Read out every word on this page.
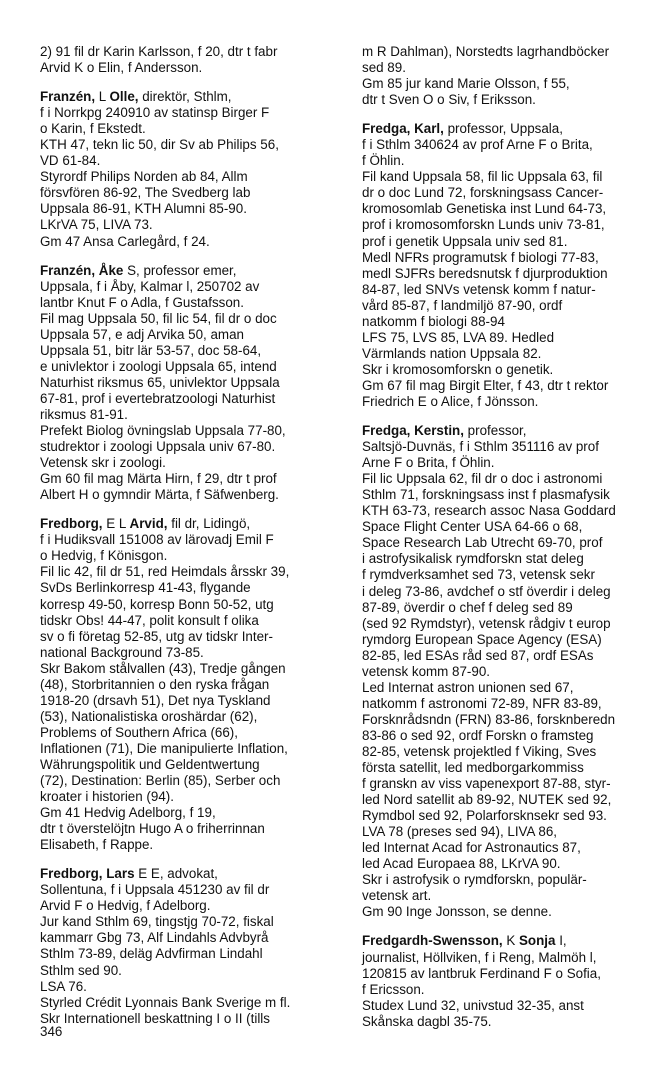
2) 91 fil dr Karin Karlsson, f 20, dtr t fabr
Arvid K o Elin, f Andersson.

Franzén, L Olle, direktör, Sthlm,
f i Norrkpg 240910 av statinsp Birger F
o Karin, f Ekstedt.
KTH 47, tekn lic 50, dir Sv ab Philips 56,
VD 61-84.
Styrordf Philips Norden ab 84, Allm
försvfören 86-92, The Svedberg lab
Uppsala 86-91, KTH Alumni 85-90.
LKrVA 75, LIVA 73.
Gm 47 Ansa Carlegård, f 24.

Franzén, Åke S, professor emer,
Uppsala, f i Åby, Kalmar l, 250702 av
lantbr Knut F o Adla, f Gustafsson.
Fil mag Uppsala 50, fil lic 54, fil dr o doc
Uppsala 57, e adj Arvika 50, aman
Uppsala 51, bitr lär 53-57, doc 58-64,
e univlektor i zoologi Uppsala 65, intend
Naturhist riksmus 65, univlektor Uppsala
67-81, prof i evertebratzoologi Naturhist
riksmus 81-91.
Prefekt Biolog övningslab Uppsala 77-80,
studrektor i zoologi Uppsala univ 67-80.
Vetensk skr i zoologi.
Gm 60 fil mag Märta Hirn, f 29, dtr t prof
Albert H o gymndir Märta, f Säfwenberg.

Fredborg, E L Arvid, fil dr, Lidingö,
f i Hudiksvall 151008 av lärovadj Emil F
o Hedvig, f Könisgon.
Fil lic 42, fil dr 51, red Heimdals årsskr 39,
SvDs Berlinkorresp 41-43, flygande
korresp 49-50, korresp Bonn 50-52, utg
tidskr Obs! 44-47, polit konsult f olika
sv o fi företag 52-85, utg av tidskr Inter-
national Background 73-85.
Skr Bakom stålvallen (43), Tredje gången
(48), Storbritannien o den ryska frågan
1918-20 (drsavh 51), Det nya Tyskland
(53), Nationalistiska oroshärdar (62),
Problems of Southern Africa (66),
Inflationen (71), Die manipulierte Inflation,
Währungspolitik und Geldentwertung
(72), Destination: Berlin (85), Serber och
kroater i historien (94).
Gm 41 Hedvig Adelborg, f 19,
dtr t överstelöjtn Hugo A o friherrinnan
Elisabeth, f Rappe.

Fredborg, Lars E E, advokat,
Sollentuna, f i Uppsala 451230 av fil dr
Arvid F o Hedvig, f Adelborg.
Jur kand Sthlm 69, tingstjg 70-72, fiskal
kammarr Gbg 73, Alf Lindahls Advbyrå
Sthlm 73-89, deläg Advfirman Lindahl
Sthlm sed 90.
LSA 76.
Styrled Crédit Lyonnais Bank Sverige m fl.
Skr Internationell beskattning I o II (tills

m R Dahlman), Norstedts lagrhandböcker
sed 89.
Gm 85 jur kand Marie Olsson, f 55,
dtr t Sven O o Siv, f Eriksson.

Fredga, Karl, professor, Uppsala,
f i Sthlm 340624 av prof Arne F o Brita,
f Öhlin.
Fil kand Uppsala 58, fil lic Uppsala 63, fil
dr o doc Lund 72, forskningsass Cancer-
kromosomlab Genetiska inst Lund 64-73,
prof i kromosomforskn Lunds univ 73-81,
prof i genetik Uppsala univ sed 81.
Medl NFRs programutsk f biologi 77-83,
medl SJFRs beredsnutsk f djurproduktion
84-87, led SNVs vetensk komm f natur-
vård 85-87, f landmiljö 87-90, ordf
natkomm f biologi 88-94
LFS 75, LVS 85, LVA 89. Hedled
Värmlands nation Uppsala 82.
Skr i kromosomforskn o genetik.
Gm 67 fil mag Birgit Elter, f 43, dtr t rektor
Friedrich E o Alice, f Jönsson.

Fredga, Kerstin, professor,
Saltsjö-Duvnäs, f i Sthlm 351116 av prof
Arne F o Brita, f Öhlin.
Fil lic Uppsala 62, fil dr o doc i astronomi
Sthlm 71, forskningsass inst f plasmafysik
KTH 63-73, research assoc Nasa Goddard
Space Flight Center USA 64-66 o 68,
Space Research Lab Utrecht 69-70, prof
i astrofysikalisk rymdforskn stat deleg
f rymdverksamhet sed 73, vetensk sekr
i deleg 73-86, avdchef o stf överdir i deleg
87-89, överdir o chef f deleg sed 89
(sed 92 Rymdstyr), vetensk rådgiv t europ
rymdorg European Space Agency (ESA)
82-85, led ESAs råd sed 87, ordf ESAs
vetensk komm 87-90.
Led Internat astron unionen sed 67,
natkomm f astronomi 72-89, NFR 83-89,
Forsknrådsndn (FRN) 83-86, forsknberedn
83-86 o sed 92, ordf Forskn o framsteg
82-85, vetensk projektled f Viking, Sves
första satellit, led medborgarkommiss
f granskn av viss vapenexport 87-88, styr-
led Nord satellit ab 89-92, NUTEK sed 92,
Rymdbol sed 92, Polarforsknsekr sed 93.
LVA 78 (preses sed 94), LIVA 86,
led Internat Acad for Astronautics 87,
led Acad Europaea 88, LKrVA 90.
Skr i astrofysik o rymdforskn, populär-
vetensk art.
Gm 90 Inge Jonsson, se denne.

Fredgardh-Swensson, K Sonja I,
journalist, Höllviken, f i Reng, Malmöh l,
120815 av lantbruk Ferdinand F o Sofia,
f Ericsson.
Studex Lund 32, univstud 32-35, anst
Skånska dagbl 35-75.

346
